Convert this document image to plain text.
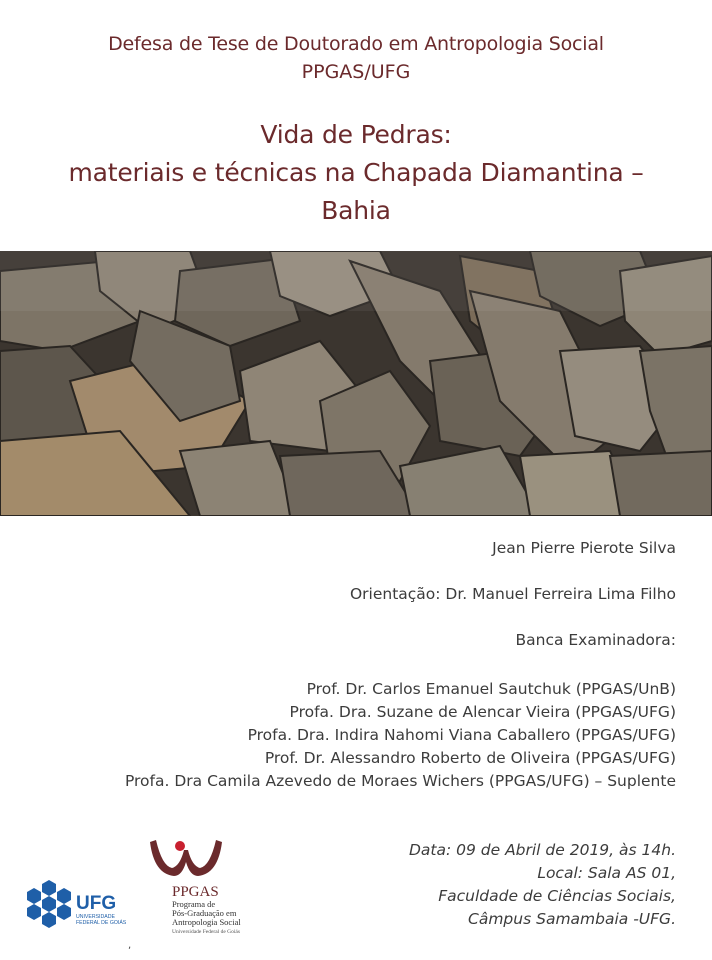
Defesa de Tese de Doutorado em Antropologia Social
PPGAS/UFG
Vida de Pedras:
materiais e técnicas na Chapada Diamantina –
Bahia
Jean Pierre Pierote Silva
Orientação: Dr. Manuel Ferreira Lima Filho
Banca Examinadora:
Prof. Dr. Carlos Emanuel Sautchuk (PPGAS/UnB)
Profa. Dra. Suzane de Alencar Vieira (PPGAS/UFG)
Profa. Dra. Indira Nahomi Viana Caballero (PPGAS/UFG)
Prof. Dr. Alessandro Roberto de Oliveira (PPGAS/UFG)
Profa. Dra Camila Azevedo de Moraes Wichers (PPGAS/UFG) – Suplente
Data: 09 de Abril de 2019, às 14h.
Local: Sala AS 01,
Faculdade de Ciências Sociais,
Câmpus Samambaia -UFG.
UFG
UNIVERSIDADE
FEDERAL DE GOIÁS
PPGAS
Programa de
Pós-Graduação em
Antropologia Social
Universidade Federal de Goiás
,
